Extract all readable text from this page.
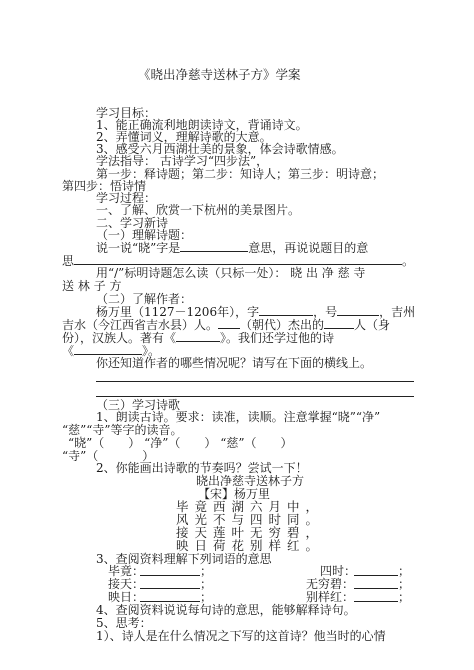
《晓出净慈寺送林子方》学案
学习目标：
1、能正确流利地朗读诗文，背诵诗文。
2、弄懂词义，理解诗歌的大意。
3、感受六月西湖壮美的景象，体会诗歌情感。
学法指导： 古诗学习“四步法”，
第一步：释诗题；第二步：知诗人；第三步：明诗意；
第四步：悟诗情
学习过程：
一、了解、欣赏一下杭州的美景图片。
二、学习新诗
（一）理解诗题：
说一说“晓”字是	意思，再说说题目的意
思	。
用“/”标明诗题怎么读（只标一处）： 晓 出 净 慈 寺
送 林 子 方
（二）了解作者：
杨万里（1127－1206年），字	，号	，吉州
吉水（今江西省吉水县）人。 （朝代）杰出的	人（身
份），汉族人。著有《	》。我们还学过他的诗
《	》。
你还知道作者的哪些情况呢？请写在下面的横线上。
（三）学习诗歌
1、朗读古诗。要求：读准，读顺。注意掌握“晓”“净”
“慈”“寺”等字的读音。
“晓”（ ） “净”（ ） “慈”（ ）
“寺”（	）
2、你能画出诗歌的节奏吗？尝试一下！
晓出净慈寺送林子方
【宋】杨万里
毕竟西湖六月中，
风光不与四时同。
接天莲叶无穷碧，
映日荷花别样红。
3、查阅资料理解下列词语的意思
毕竟：	；	四时：	；
接天：	；	无穷碧：	；
映日：	；	别样红：	；
4、查阅资料说说每句诗的意思，能够解释诗句。
5、思考：
1）、诗人是在什么情况之下写的这首诗？他当时的心情
